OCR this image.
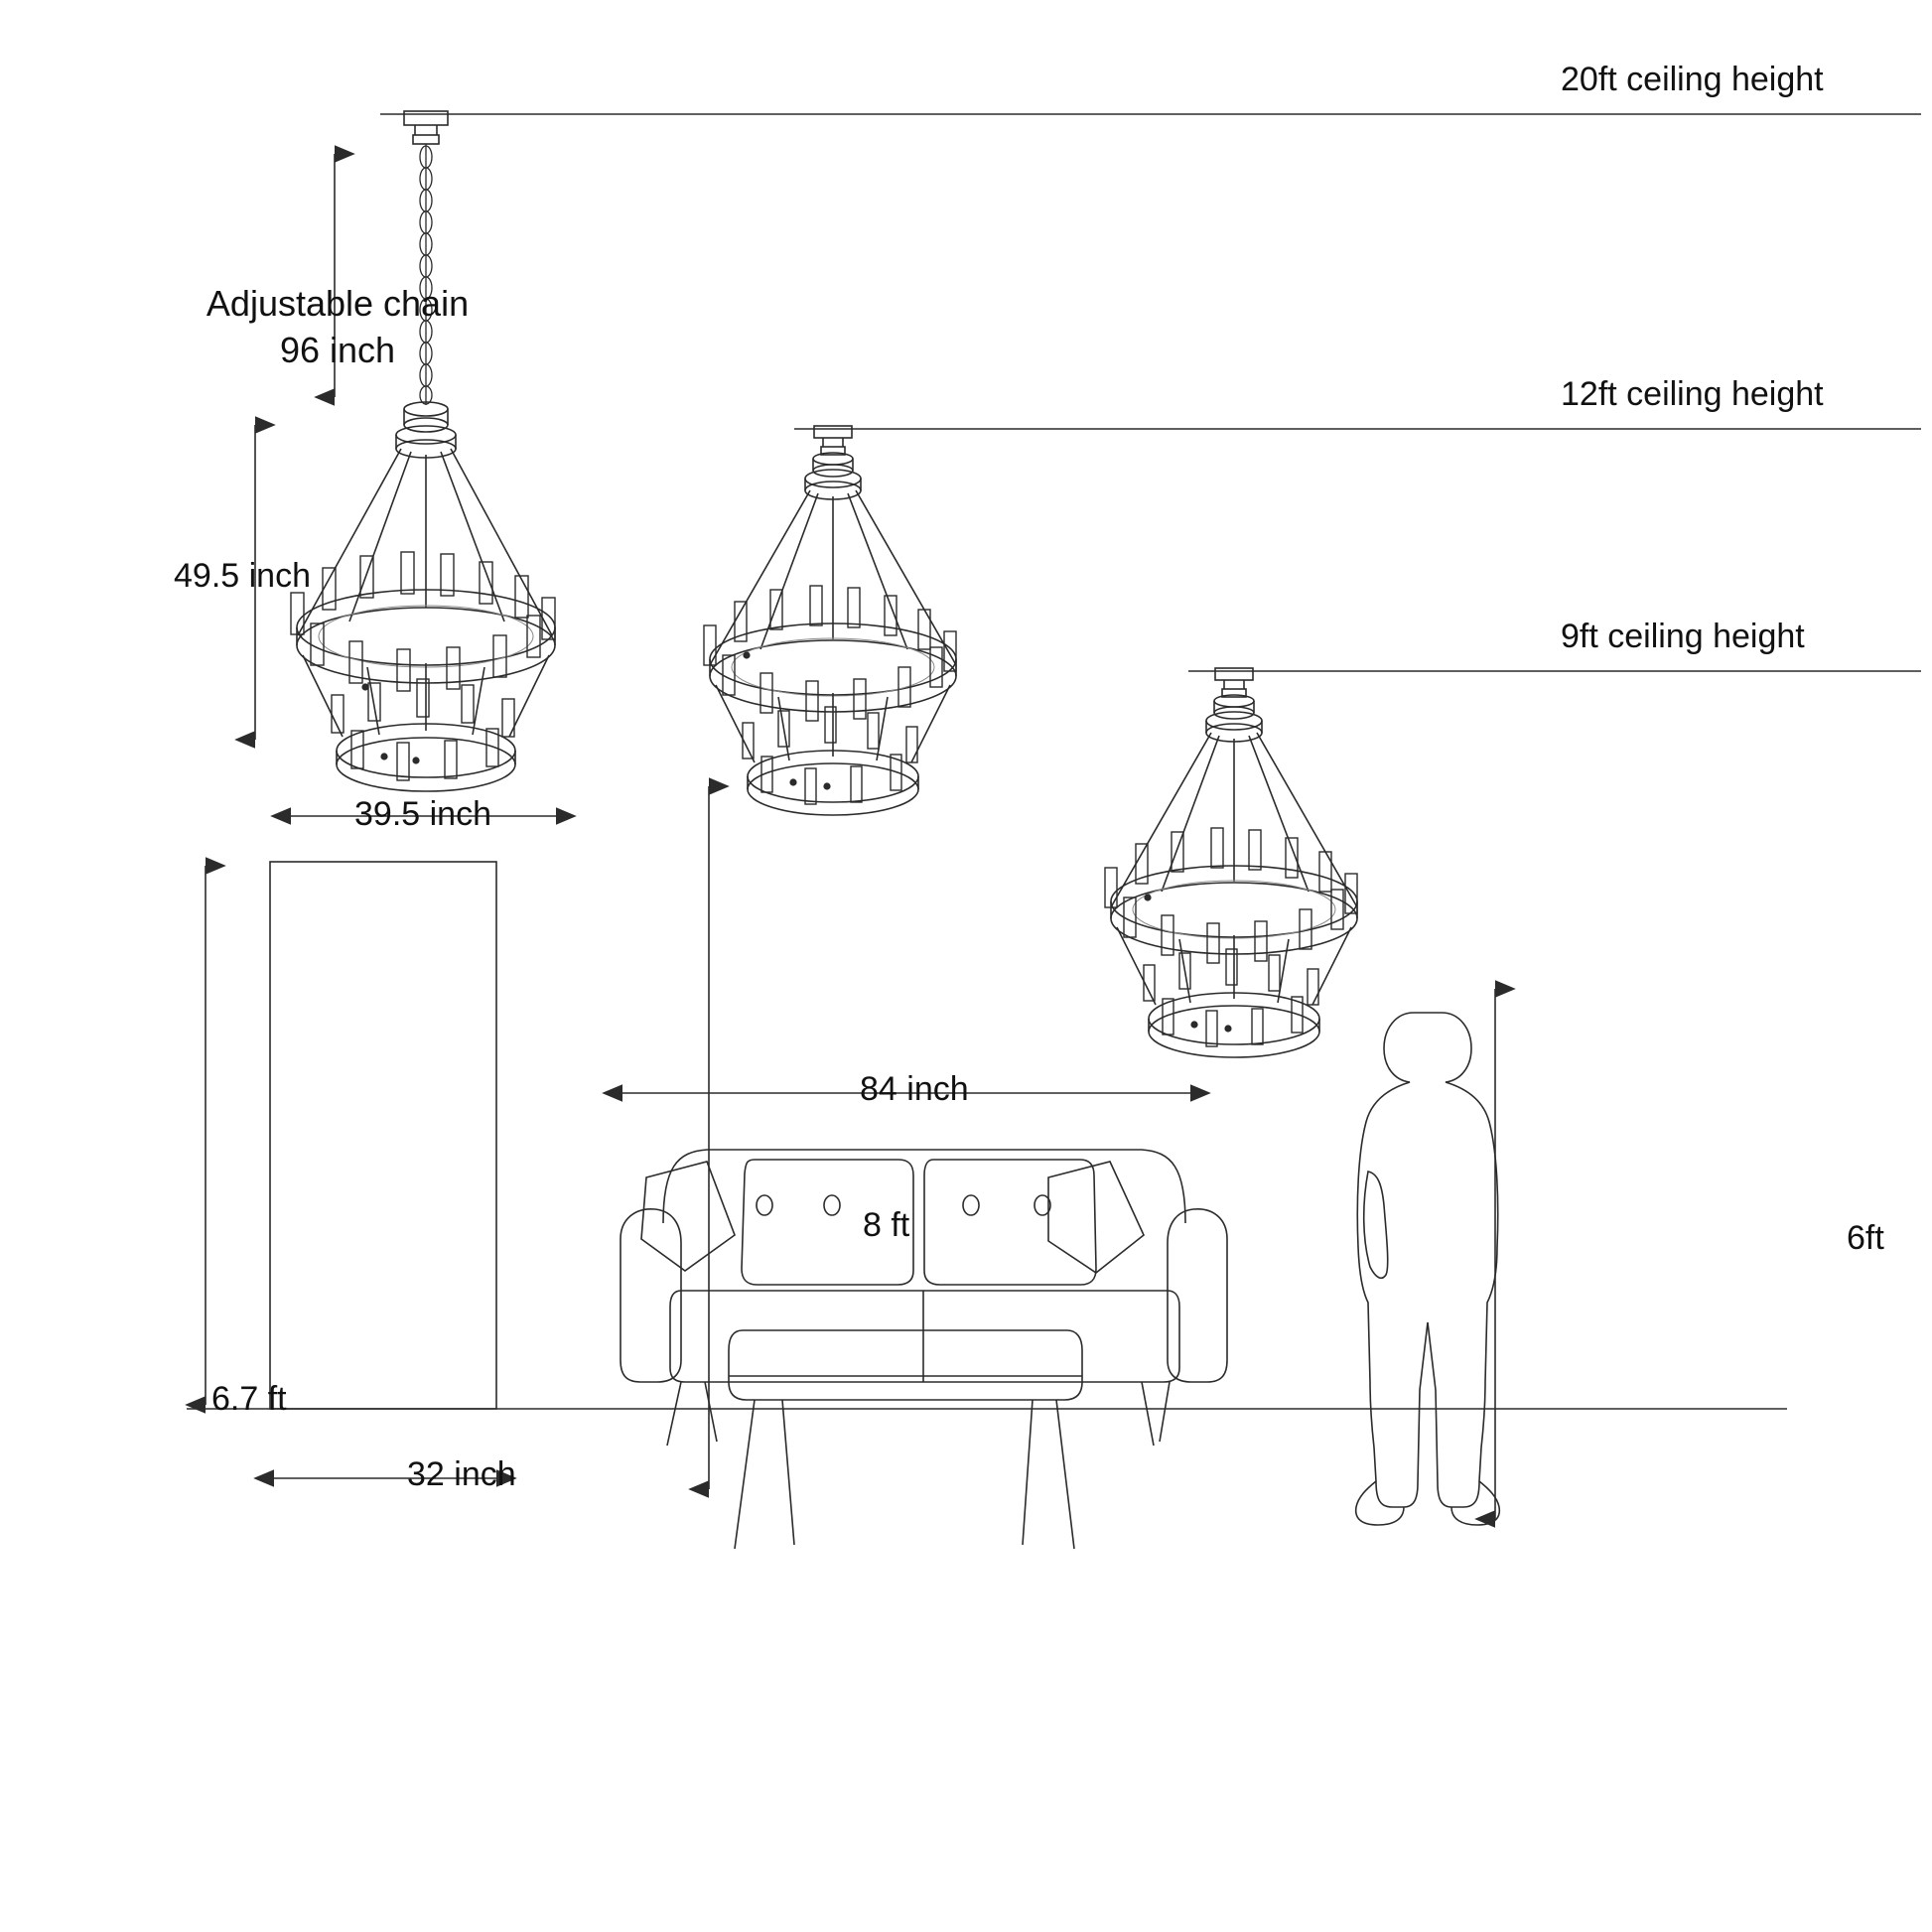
20ft ceiling height
12ft ceiling height
9ft ceiling height
Adjustable chain
96 inch
49.5 inch
39.5 inch
84 inch
8 ft
6.7 ft
32 inch
6ft
